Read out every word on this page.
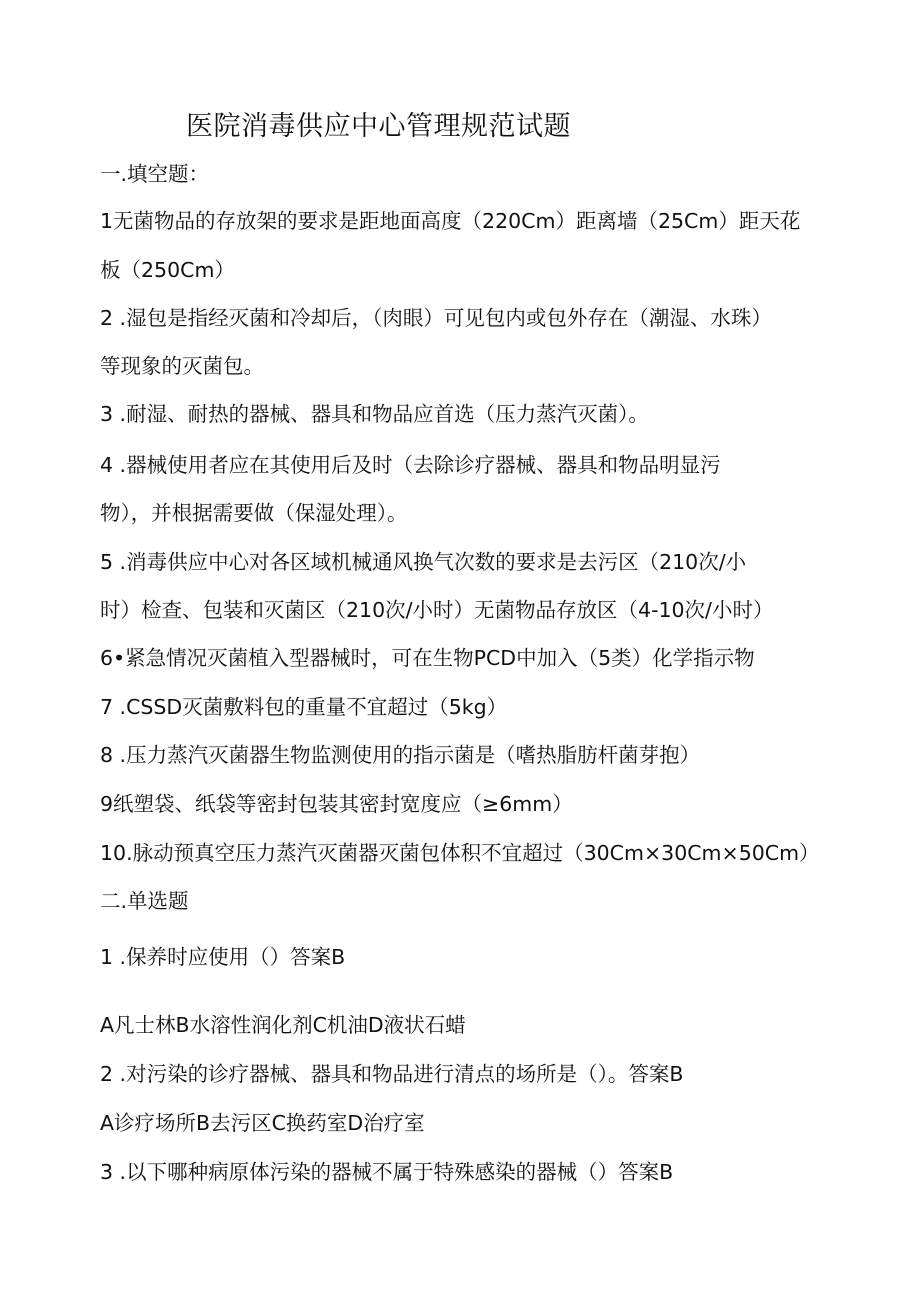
医院消毒供应中心管理规范试题
一.填空题：
1无菌物品的存放架的要求是距地面高度（220Cm）距离墙（25Cm）距天花
板（250Cm）
2 .湿包是指经灭菌和冷却后，（肉眼）可见包内或包外存在（潮湿、水珠）
等现象的灭菌包。
3 .耐湿、耐热的器械、器具和物品应首选（压力蒸汽灭菌）。
4 .器械使用者应在其使用后及时（去除诊疗器械、器具和物品明显污
物），并根据需要做（保湿处理）。
5 .消毒供应中心对各区域机械通风换气次数的要求是去污区（210次/小
时）检查、包装和灭菌区（210次/小时）无菌物品存放区（4-10次/小时）
6•紧急情况灭菌植入型器械时，可在生物PCD中加入（5类）化学指示物
7 .CSSD灭菌敷料包的重量不宜超过（5kg）
8 .压力蒸汽灭菌器生物监测使用的指示菌是（嗜热脂肪杆菌芽抱）
9纸塑袋、纸袋等密封包装其密封宽度应（≥6mm）
10.脉动预真空压力蒸汽灭菌器灭菌包体积不宜超过（30Cm×30Cm×50Cm）
二.单选题
1 .保养时应使用（）答案B
A凡士林B水溶性润化剂C机油D液状石蜡
2 .对污染的诊疗器械、器具和物品进行清点的场所是（）。答案B
A诊疗场所B去污区C换药室D治疗室
3 .以下哪种病原体污染的器械不属于特殊感染的器械（）答案B
